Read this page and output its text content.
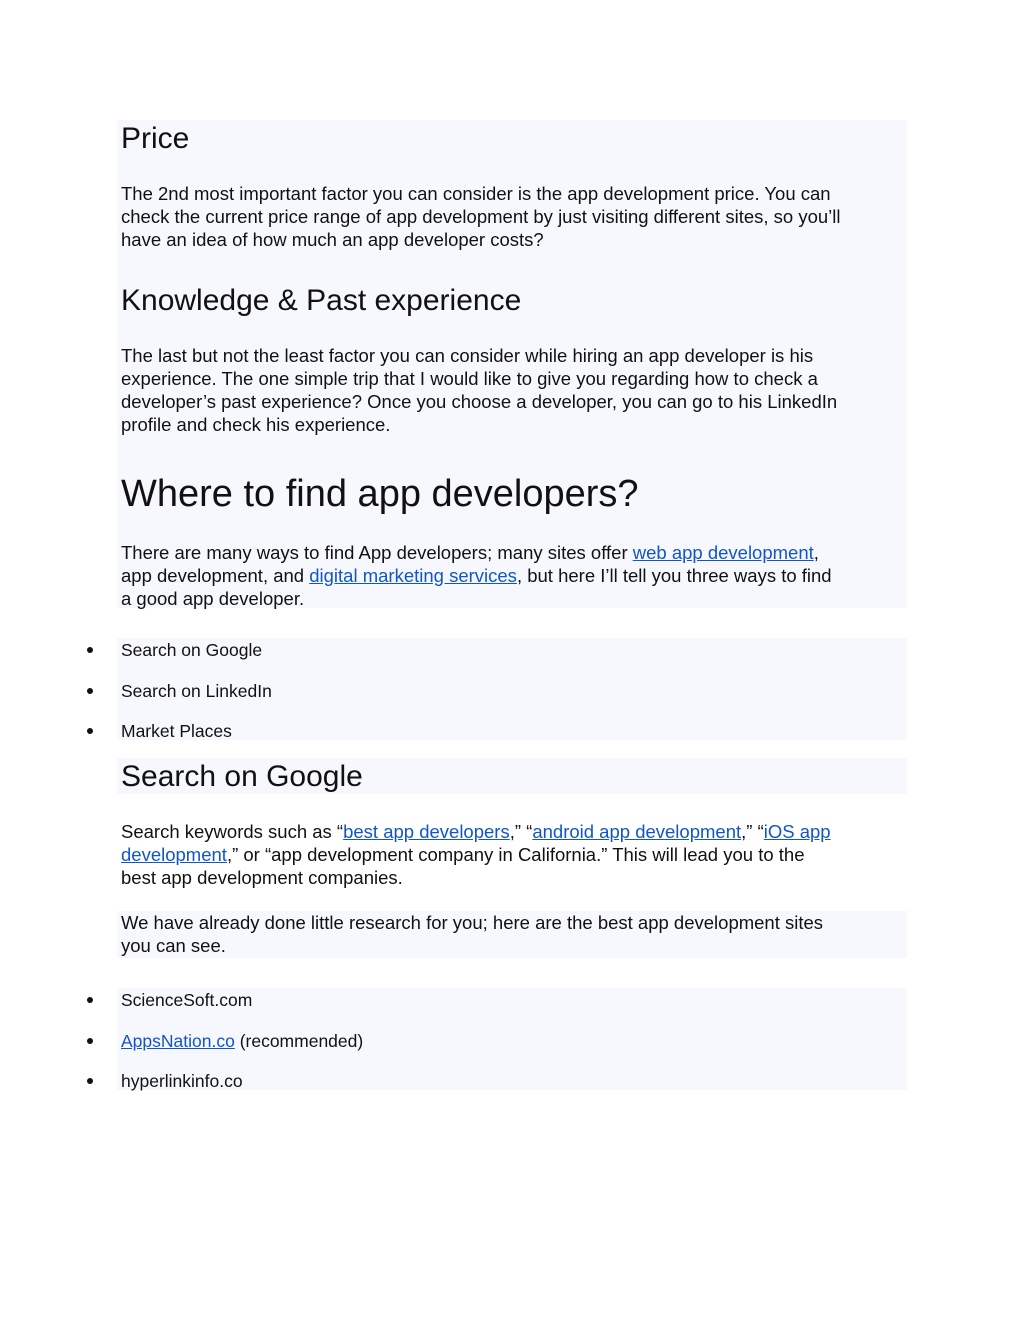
Price

The 2nd most important factor you can consider is the app development price. You can

check the current price range of app development by just visiting different sites, so you’ll

have an idea of how much an app developer costs?

Knowledge & Past experience

The last but not the least factor you can consider while hiring an app developer is his

experience. The one simple trip that I would like to give you regarding how to check a

developer’s past experience? Once you choose a developer, you can go to his LinkedIn

profile and check his experience.

Where to find app developers?

There are many ways to find App developers; many sites offer web app development,

app development, and digital marketing services, but here I’ll tell you three ways to find

a good app developer.

Search on Google

Search on LinkedIn

Market Places

Search on Google

Search keywords such as “best app developers,” “android app development,” “iOS app

development,” or “app development company in California.” This will lead you to the

best app development companies.

We have already done little research for you; here are the best app development sites

you can see.

ScienceSoft.com

AppsNation.co (recommended)

hyperlinkinfo.co
